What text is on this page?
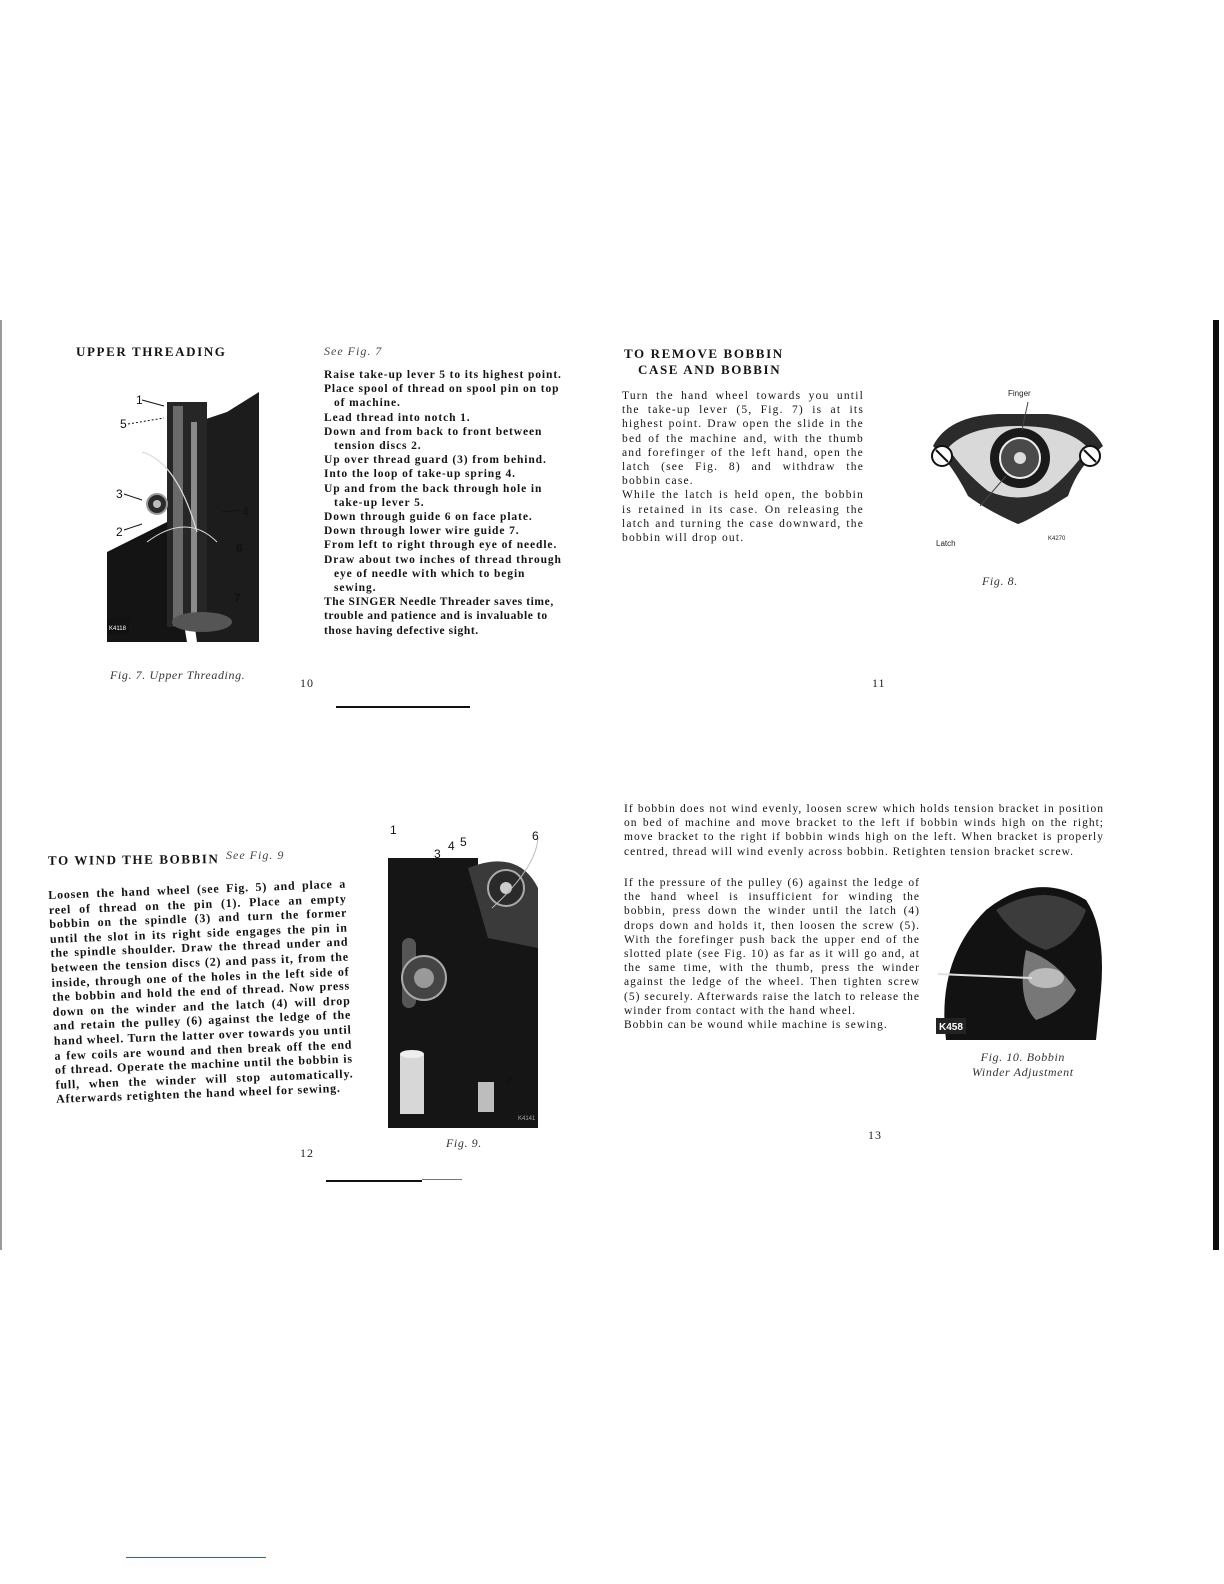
UPPER THREADING	See Fig. 7
K4118
1
5
3
2
4
6
7
Fig. 7. Upper Threading.
Raise take-up lever 5 to its highest point.
Place spool of thread on spool pin on top of machine.
Lead thread into notch 1.
Down and from back to front between tension discs 2.
Up over thread guard (3) from behind.
Into the loop of take-up spring 4.
Up and from the back through hole in take-up lever 5.
Down through guide 6 on face plate.
Down through lower wire guide 7.
From left to right through eye of needle.
Draw about two inches of thread through eye of needle with which to begin sewing.
The SINGER Needle Threader saves time, trouble and patience and is invaluable to those having defective sight.
10
TO REMOVE BOBBIN
CASE AND BOBBIN

Turn the hand wheel towards you until the take-up lever (5, Fig. 7) is at its highest point. Draw open the slide in the bed of the machine and, with the thumb and forefinger of the left hand, open the latch (see Fig. 8) and withdraw the bobbin case.

While the latch is held open, the bobbin is retained in its case. On releasing the latch and turning the case downward, the bobbin will drop out.

Finger
Latch	K4270
Fig. 8.
11
TO WIND THE BOBBIN See Fig. 9

Loosen the hand wheel (see Fig. 5) and place a reel of thread on the pin (1). Place an empty bobbin on the spindle (3) and turn the former until the slot in its right side engages the pin in the spindle shoulder. Draw the thread under and between the tension discs (2) and pass it, from the inside, through one of the holes in the left side of the bobbin and hold the end of thread. Now press down on the winder and the latch (4) will drop and retain the pulley (6) against the ledge of the hand wheel. Turn the latter over towards you until a few coils are wound and then break off the end of thread. Operate the machine until the bobbin is full, when the winder will stop automatically. Afterwards retighten the hand wheel for sewing.

K4141
1
3
4 5	6
2
Fig. 9.
12

If bobbin does not wind evenly, loosen screw which holds tension bracket in position on bed of machine and move bracket to the left if bobbin winds high on the right; move bracket to the right if bobbin winds high on the left. When bracket is properly centred, thread will wind evenly across bobbin. Retighten tension bracket screw.

If the pressure of the pulley (6) against the ledge of the hand wheel is insufficient for winding the bobbin, press down the winder until the latch (4) drops down and holds it, then loosen the screw (5). With the forefinger push back the upper end of the slotted plate (see Fig. 10) as far as it will go and, at the same time, with the thumb, press the winder against the ledge of the wheel. Then tighten screw (5) securely. Afterwards raise the latch to release the winder from contact with the hand wheel.

Bobbin can be wound while machine is sewing.	K458
Fig. 10. Bobbin
Winder Adjustment
13
